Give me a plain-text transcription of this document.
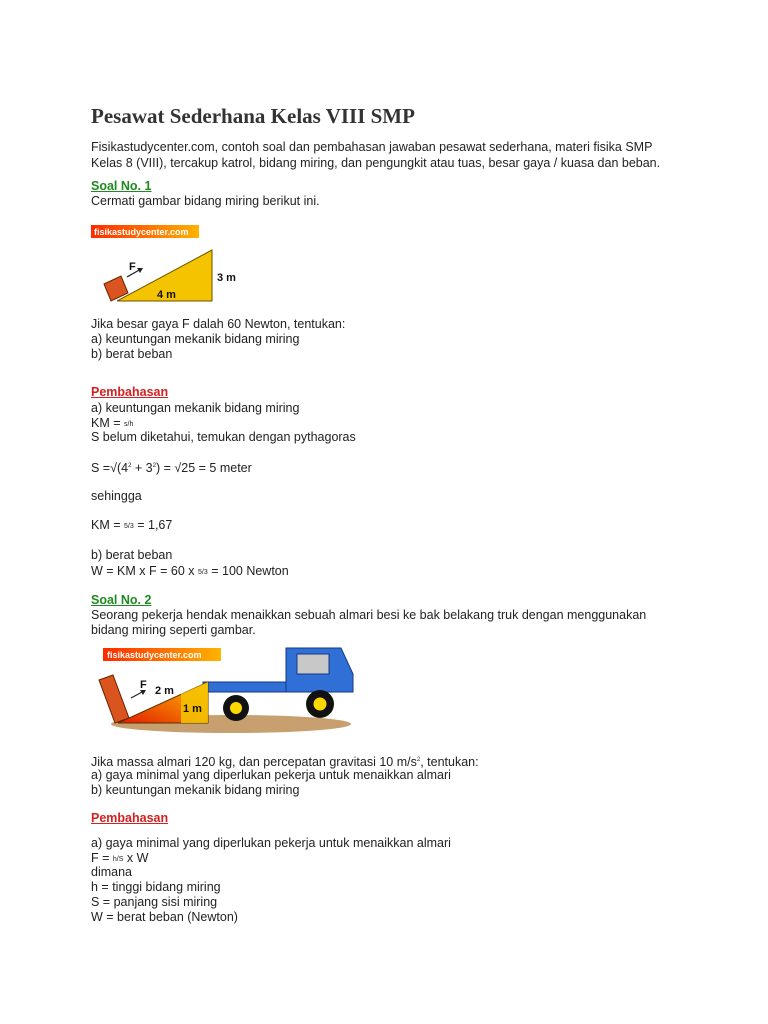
Pesawat Sederhana Kelas VIII SMP

Fisikastudycenter.com, contoh soal dan pembahasan jawaban pesawat sederhana, materi fisika SMP

Kelas 8 (VIII), tercakup katrol, bidang miring, dan pengungkit atau tuas, besar gaya / kuasa dan beban.

Soal No. 1

Cermati gambar bidang miring berikut ini.

fisikastudycenter.com
F
4 m
3 m

Jika besar gaya F dalah 60 Newton, tentukan:

a) keuntungan mekanik bidang miring

b) berat beban

Pembahasan

a) keuntungan mekanik bidang miring

KM = s/h

S belum diketahui, temukan dengan pythagoras

$S =√(4^2 + 3^2) = √25 = 5$ meter

sehingga

KM = 5/3 = 1,67

b) berat beban

W = KM x F = 60 x 5/3 = 100 Newton

Soal No. 2

Seorang pekerja hendak menaikkan sebuah almari besi ke bak belakang truk dengan menggunakan

bidang miring seperti gambar.

fisikastudycenter.com
F 2 m
1 m

Jika massa almari 120 kg, dan percepatan gravitasi 10 $m/s^2$, tentukan:

a) gaya minimal yang diperlukan pekerja untuk menaikkan almari

b) keuntungan mekanik bidang miring

Pembahasan

a) gaya minimal yang diperlukan pekerja untuk menaikkan almari

F = h/S x W

dimana

h = tinggi bidang miring

S = panjang sisi miring

W = berat beban (Newton)
